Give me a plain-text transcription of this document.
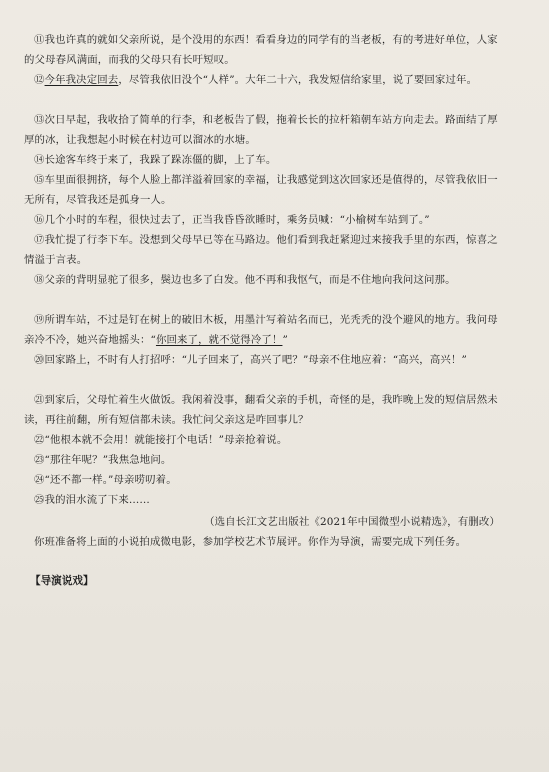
⑪我也许真的就如父亲所说，是个没用的东西！看看身边的同学有的当老板，有的考进好单位，人家的父母春风满面，而我的父母只有长吁短叹。

⑫今年我决定回去，尽管我依旧没个“人样”。大年二十六，我发短信给家里，说了要回家过年。

⑬次日早起，我收拾了简单的行李，和老板告了假，拖着长长的拉杆箱朝车站方向走去。路面结了厚厚的冰，让我想起小时候在村边可以溜冰的水塘。

⑭长途客车终于来了，我跺了跺冻僵的脚，上了车。

⑮车里面很拥挤，每个人脸上都洋溢着回家的幸福，让我感觉到这次回家还是值得的，尽管我依旧一无所有，尽管我还是孤身一人。

⑯几个小时的车程，很快过去了，正当我昏昏欲睡时，乘务员喊：“小榆树车站到了。”

⑰我忙提了行李下车。没想到父母早已等在马路边。他们看到我赶紧迎过来接我手里的东西，惊喜之情溢于言表。

⑱父亲的背明显驼了很多，鬓边也多了白发。他不再和我怄气，而是不住地向我问这问那。

⑲所谓车站，不过是钉在树上的破旧木板，用墨汁写着站名而已，光秃秃的没个避风的地方。我问母亲冷不冷，她兴奋地摇头：“你回来了，就不觉得冷了！”

⑳回家路上，不时有人打招呼：“儿子回来了，高兴了吧？”母亲不住地应着：“高兴，高兴！”

㉑到家后，父母忙着生火做饭。我闲着没事，翻看父亲的手机，奇怪的是，我昨晚上发的短信居然未读，再往前翻，所有短信都未读。我忙问父亲这是咋回事儿？

㉒“他根本就不会用！就能接打个电话！”母亲抢着说。

㉓“那往年呢？”我焦急地问。

㉔“还不都一样。”母亲唠叨着。

㉕我的泪水流了下来……

（选自长江文艺出版社《2021年中国微型小说精选》，有删改）

你班准备将上面的小说拍成微电影，参加学校艺术节展评。你作为导演，需要完成下列任务。

【导演说戏】
